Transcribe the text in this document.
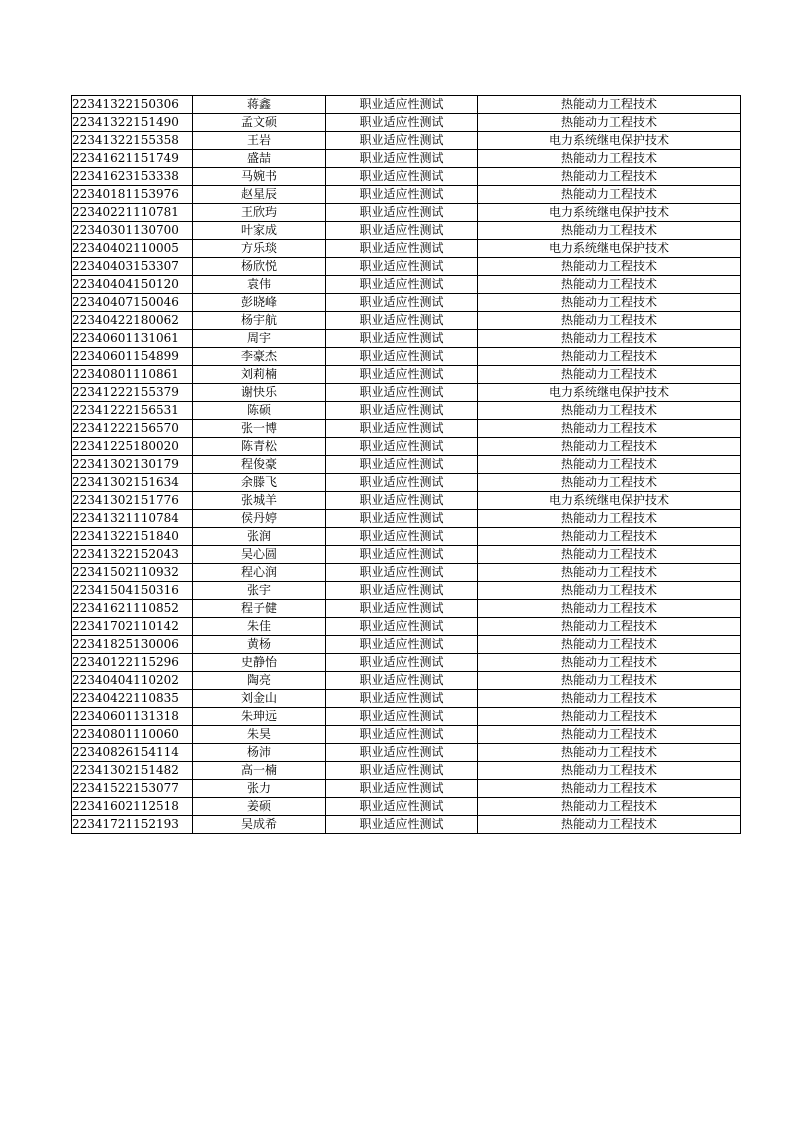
22341322150306	蒋鑫	职业适应性测试	热能动力工程技术
22341322151490	孟文硕	职业适应性测试	热能动力工程技术
22341322155358	王岩	职业适应性测试	电力系统继电保护技术
22341621151749	盛喆	职业适应性测试	热能动力工程技术
22341623153338	马婉书	职业适应性测试	热能动力工程技术
22340181153976	赵星辰	职业适应性测试	热能动力工程技术
22340221110781	王欣玙	职业适应性测试	电力系统继电保护技术
22340301130700	叶家成	职业适应性测试	热能动力工程技术
22340402110005	方乐琰	职业适应性测试	电力系统继电保护技术
22340403153307	杨欣悦	职业适应性测试	热能动力工程技术
22340404150120	袁伟	职业适应性测试	热能动力工程技术
22340407150046	彭晓峰	职业适应性测试	热能动力工程技术
22340422180062	杨宇航	职业适应性测试	热能动力工程技术
22340601131061	周宇	职业适应性测试	热能动力工程技术
22340601154899	李豪杰	职业适应性测试	热能动力工程技术
22340801110861	刘莉楠	职业适应性测试	热能动力工程技术
22341222155379	谢快乐	职业适应性测试	电力系统继电保护技术
22341222156531	陈硕	职业适应性测试	热能动力工程技术
22341222156570	张一博	职业适应性测试	热能动力工程技术
22341225180020	陈青松	职业适应性测试	热能动力工程技术
22341302130179	程俊豪	职业适应性测试	热能动力工程技术
22341302151634	余滕飞	职业适应性测试	热能动力工程技术
22341302151776	张城羊	职业适应性测试	电力系统继电保护技术
22341321110784	侯丹婷	职业适应性测试	热能动力工程技术
22341322151840	张润	职业适应性测试	热能动力工程技术
22341322152043	吴心圆	职业适应性测试	热能动力工程技术
22341502110932	程心润	职业适应性测试	热能动力工程技术
22341504150316	张宇	职业适应性测试	热能动力工程技术
22341621110852	程子健	职业适应性测试	热能动力工程技术
22341702110142	朱佳	职业适应性测试	热能动力工程技术
22341825130006	黄杨	职业适应性测试	热能动力工程技术
22340122115296	史静怡	职业适应性测试	热能动力工程技术
22340404110202	陶亮	职业适应性测试	热能动力工程技术
22340422110835	刘金山	职业适应性测试	热能动力工程技术
22340601131318	朱珅远	职业适应性测试	热能动力工程技术
22340801110060	朱昊	职业适应性测试	热能动力工程技术
22340826154114	杨沛	职业适应性测试	热能动力工程技术
22341302151482	高一楠	职业适应性测试	热能动力工程技术
22341522153077	张力	职业适应性测试	热能动力工程技术
22341602112518	姜硕	职业适应性测试	热能动力工程技术
22341721152193	吴成希	职业适应性测试	热能动力工程技术
